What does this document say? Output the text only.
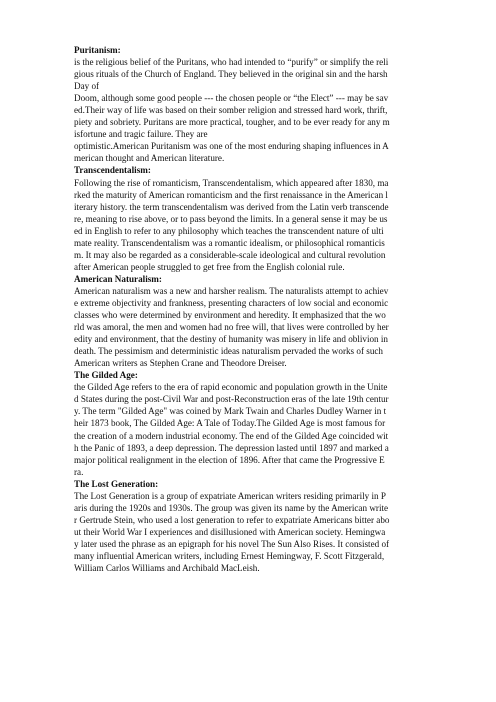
Puritanism:
is the religious belief of the Puritans, who had intended to “purify” or simplify the reli
gious rituals of the Church of England. They believed in the original sin and the harsh
Day of
Doom, although some good people --- the chosen people or “the Elect” --- may be sav
ed.Their way of life was based on their somber religion and stressed hard work, thrift,
piety and sobriety. Puritans are more practical, tougher, and to be ever ready for any m
isfortune and tragic failure. They are
optimistic.American Puritanism was one of the most enduring shaping influences in A
merican thought and American literature.
Transcendentalism:
Following the rise of romanticism, Transcendentalism, which appeared after 1830, ma
rked the maturity of American romanticism and the first renaissance in the American l
iterary history. the term transcendentalism was derived from the Latin verb transcende
re, meaning to rise above, or to pass beyond the limits. In a general sense it may be us
ed in English to refer to any philosophy which teaches the transcendent nature of ulti
mate reality. Transcendentalism was a romantic idealism, or philosophical romanticis
m. It may also be regarded as a considerable-scale ideological and cultural revolution
after American people struggled to get free from the English colonial rule.
American Naturalism:
American naturalism was a new and harsher realism. The naturalists attempt to achiev
e extreme objectivity and frankness, presenting characters of low social and economic
classes who were determined by environment and heredity. It emphasized that the wo
rld was amoral, the men and women had no free will, that lives were controlled by her
edity and environment, that the destiny of humanity was misery in life and oblivion in
death. The pessimism and deterministic ideas naturalism pervaded the works of such
American writers as Stephen Crane and Theodore Dreiser.
The Gilded Age:
the Gilded Age refers to the era of rapid economic and population growth in the Unite
d States during the post-Civil War and post-Reconstruction eras of the late 19th centur
y. The term "Gilded Age" was coined by Mark Twain and Charles Dudley Warner in t
heir 1873 book, The Gilded Age: A Tale of Today.The Gilded Age is most famous for
the creation of a modern industrial economy. The end of the Gilded Age coincided wit
h the Panic of 1893, a deep depression. The depression lasted until 1897 and marked a
major political realignment in the election of 1896. After that came the Progressive E
ra.
The Lost Generation:
The Lost Generation is a group of expatriate American writers residing primarily in P
aris during the 1920s and 1930s. The group was given its name by the American write
r Gertrude Stein, who used a lost generation to refer to expatriate Americans bitter abo
ut their World War I experiences and disillusioned with American society. Hemingwa
y later used the phrase as an epigraph for his novel The Sun Also Rises. It consisted of
many influential American writers, including Ernest Hemingway, F. Scott Fitzgerald,
William Carlos Williams and Archibald MacLeish.
